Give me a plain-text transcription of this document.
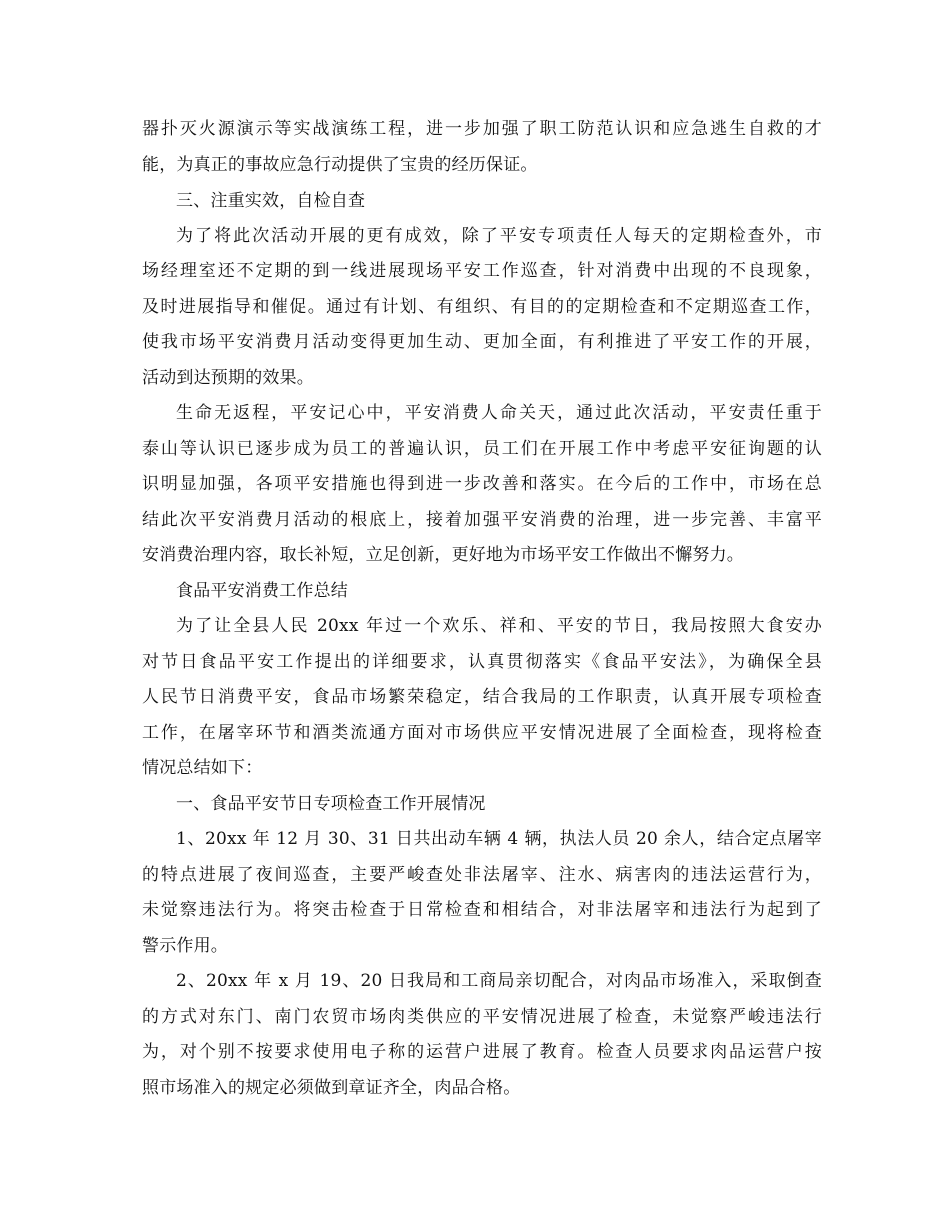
器扑灭火源演示等实战演练工程，进一步加强了职工防范认识和应急逃生自救的才

能，为真正的事故应急行动提供了宝贵的经历保证。

三、注重实效，自检自查

为了将此次活动开展的更有成效，除了平安专项责任人每天的定期检查外，市

场经理室还不定期的到一线进展现场平安工作巡查，针对消费中出现的不良现象，

及时进展指导和催促。通过有计划、有组织、有目的的定期检查和不定期巡查工作，

使我市场平安消费月活动变得更加生动、更加全面，有利推进了平安工作的开展，

活动到达预期的效果。

生命无返程，平安记心中，平安消费人命关天，通过此次活动，平安责任重于

泰山等认识已逐步成为员工的普遍认识，员工们在开展工作中考虑平安征询题的认

识明显加强，各项平安措施也得到进一步改善和落实。在今后的工作中，市场在总

结此次平安消费月活动的根底上，接着加强平安消费的治理，进一步完善、丰富平

安消费治理内容，取长补短，立足创新，更好地为市场平安工作做出不懈努力。

食品平安消费工作总结

为了让全县人民 20xx 年过一个欢乐、祥和、平安的节日，我局按照大食安办

对节日食品平安工作提出的详细要求，认真贯彻落实《食品平安法》，为确保全县

人民节日消费平安，食品市场繁荣稳定，结合我局的工作职责，认真开展专项检查

工作，在屠宰环节和酒类流通方面对市场供应平安情况进展了全面检查，现将检查

情况总结如下：

一、食品平安节日专项检查工作开展情况

1、20xx 年 12 月 30、31 日共出动车辆 4 辆，执法人员 20 余人，结合定点屠宰

的特点进展了夜间巡查，主要严峻查处非法屠宰、注水、病害肉的违法运营行为，

未觉察违法行为。将突击检查于日常检查和相结合，对非法屠宰和违法行为起到了

警示作用。

2、20xx 年 x 月 19、20 日我局和工商局亲切配合，对肉品市场准入，采取倒查

的方式对东门、南门农贸市场肉类供应的平安情况进展了检查，未觉察严峻违法行

为，对个别不按要求使用电子称的运营户进展了教育。检查人员要求肉品运营户按

照市场准入的规定必须做到章证齐全，肉品合格。
